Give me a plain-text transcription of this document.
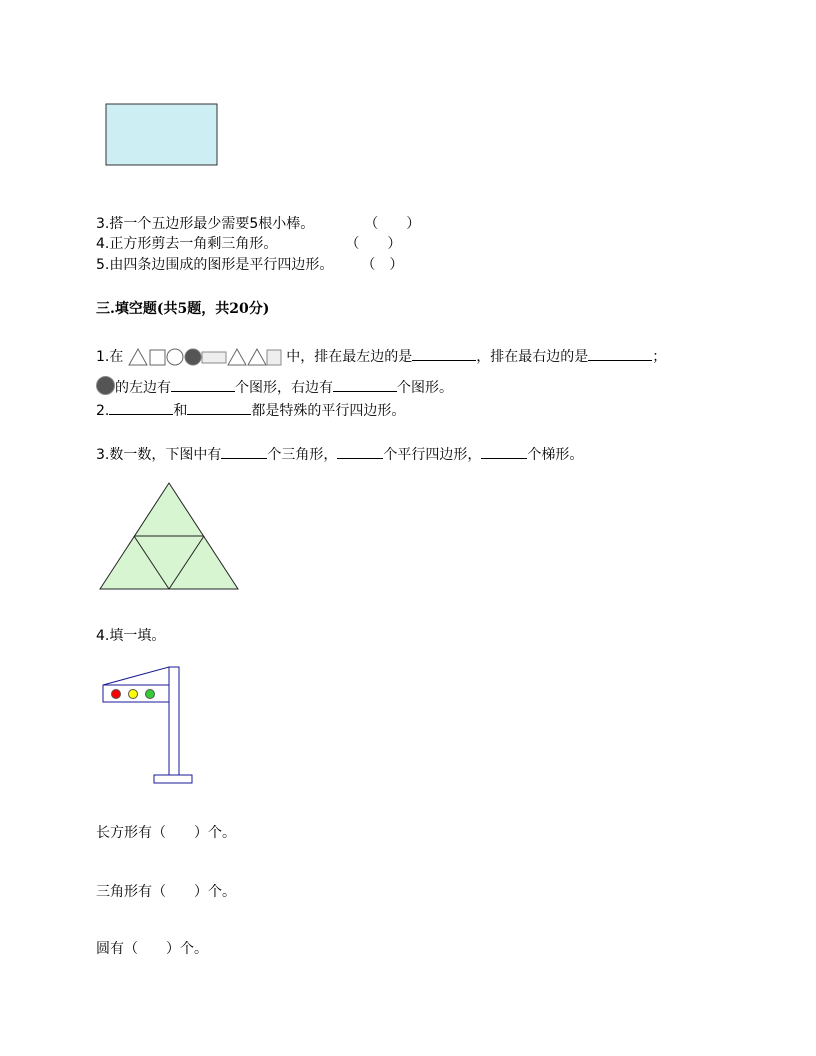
3.搭一个五边形最少需要5根小棒。	（　　）
4.正方形剪去一角剩三角形。	（　　）
5.由四条边围成的图形是平行四边形。 （　）
三.填空题(共5题，共20分)
1.在	中，排在最左边的是	，排在最右边的是	；
的左边有	个图形，右边有	个图形。
2.	和	都是特殊的平行四边形。
3.数一数，下图中有	个三角形，	个平行四边形，	个梯形。
4.填一填。
长方形有（　　）个。
三角形有（　　）个。
圆有（　　）个。
